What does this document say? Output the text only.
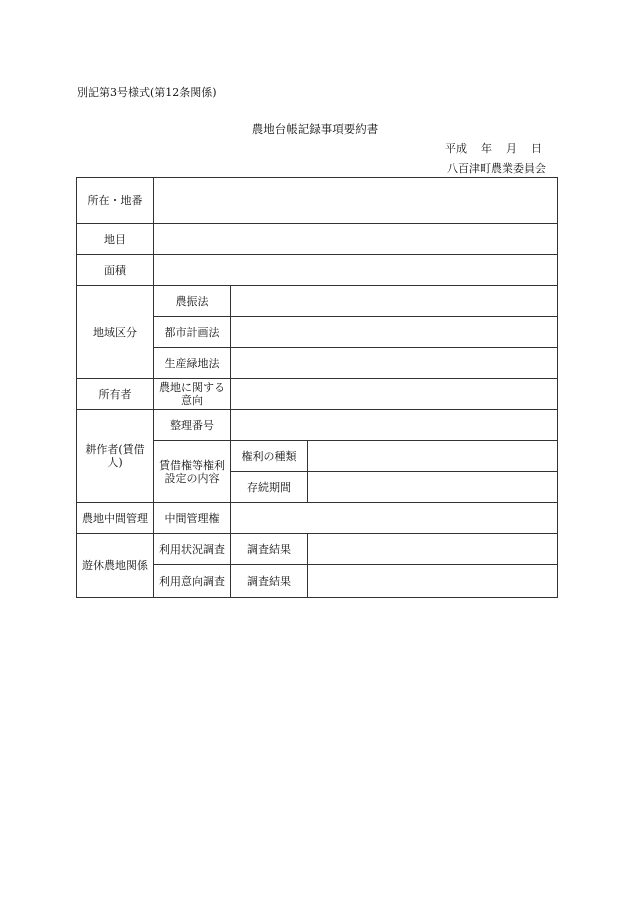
別記第3号様式(第12条関係)
農地台帳記録事項要約書
平成 年 月 日
八百津町農業委員会
所在・地番			
地目			
面積			
地域区分	農振法		
	都市計画法		
	生産緑地法		
所有者	農地に関する意向		
耕作者(賃借人)	整理番号		
	賃借権等権利設定の内容	権利の種類	
		存続期間	
農地中間管理	中間管理権		
遊休農地関係	利用状況調査	調査結果	
	利用意向調査	調査結果	
